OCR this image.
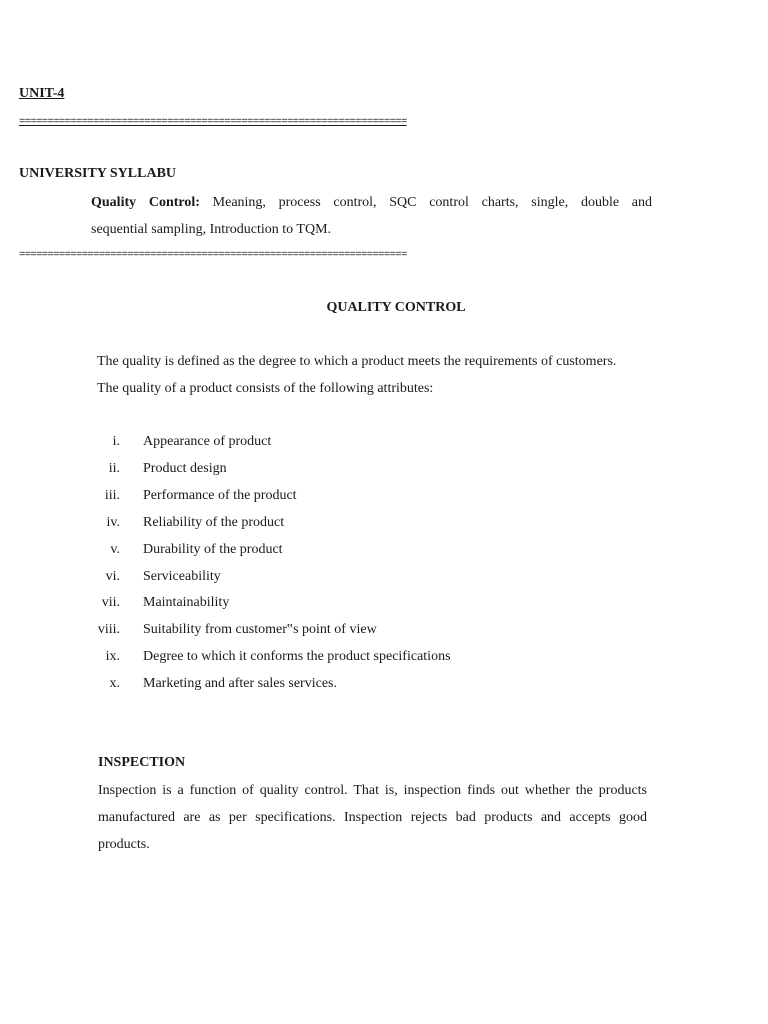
UNIT-4

====================================================================

UNIVERSITY SYLLABU

Quality Control: Meaning, process control, SQC control charts, single, double and
sequential sampling, Introduction to TQM.
====================================================================

QUALITY CONTROL

The quality is defined as the degree to which a product meets the requirements of customers.
The quality of a product consists of the following attributes:
i. Appearance of product
ii. Product design
iii. Performance of the product
iv. Reliability of the product
v. Durability of the product
vi. Serviceability
vii. Maintainability
viii. Suitability from customer‟s point of view
ix. Degree to which it conforms the product specifications
x. Marketing and after sales services.

INSPECTION

Inspection is a function of quality control. That is, inspection finds out whether the products manufactured are as per specifications. Inspection rejects bad products and accepts good products.
